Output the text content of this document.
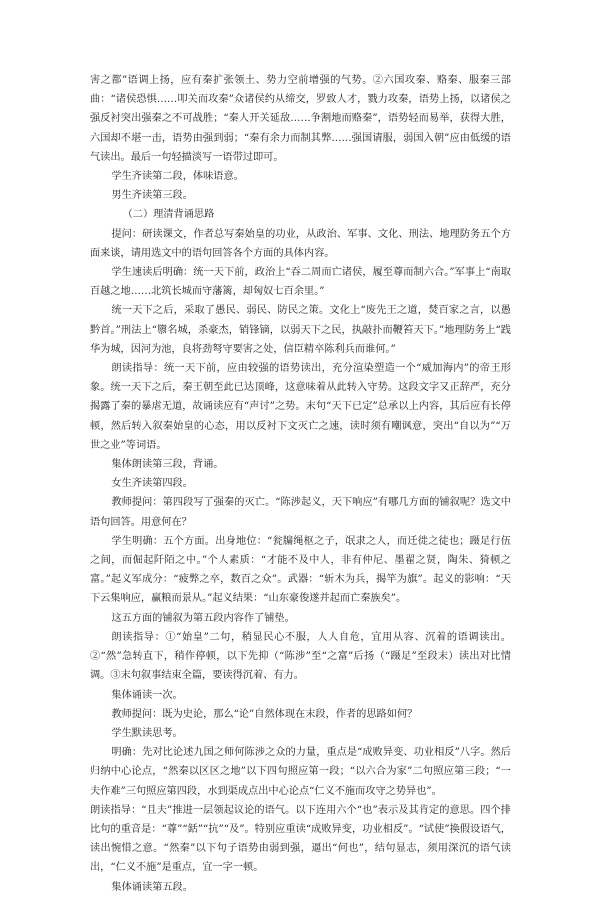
害之都”语调上扬，应有秦扩张领土、势力空前增强的气势。②六国攻秦、赂秦、服秦三部曲：“诸侯恐惧……叩关而攻秦”众诸侯约从缔交，罗致人才，戮力攻秦，语势上扬，以诸侯之强反衬突出强秦之不可战胜；“秦人开关延敌……争割地而赂秦”，语势轻而易举，获得大胜，六国却不堪一击，语势由强到弱；“秦有余力而制其弊……强国请服，弱国入朝”应由低缓的语气读出。最后一句轻描淡写一语带过即可。

学生齐读第二段，体味语意。

男生齐读第三段。

（二）理清背诵思路

提问：研读课文，作者总写秦始皇的功业，从政治、军事、文化、刑法、地理防务五个方面来谈，请用选文中的语句回答各个方面的具体内容。

学生速读后明确：统一天下前，政治上“吞二周而亡诸侯，履至尊而制六合。”军事上“南取百越之地……北筑长城而守藩篱，却匈奴七百余里。”

统一天下之后，采取了愚民、弱民、防民之策。文化上“废先王之道，焚百家之言，以愚黔首。”刑法上“隳名城，杀豪杰，销锋镝，以弱天下之民，执敲扑而鞭笞天下。”地理防务上“践华为城，因河为池，良将劲弩守要害之处，信臣精卒陈利兵而谁何。”

朗读指导：统一天下前，应由较强的语势读出，充分渲染塑造一个“威加海内”的帝王形象。统一天下之后，秦王朝至此已达顶峰，这意味着从此转入守势。这段文字又正辞严，充分揭露了秦的暴虐无道，故诵读应有“声讨”之势。末句“天下已定”总承以上内容，其后应有长停顿，然后转入叙秦始皇的心态，用以反衬下文灭亡之速，读时须有嘲讽意，突出“自以为”“万世之业”等词语。

集体朗读第三段，背诵。

女生齐读第四段。

教师提问：第四段写了强秦的灭亡。“陈涉起义，天下响应”有哪几方面的铺叙呢？选文中语句回答。用意何在？

学生明确：五个方面。出身地位：“瓮牖绳枢之子，氓隶之人，而迁徙之徒也；蹑足行伍之间，而倔起阡陌之中。”个人素质：“才能不及中人，非有仲尼、墨翟之贤，陶朱、猗顿之富。”起义军成分：“疲弊之卒，数百之众”。武器：“斩木为兵，揭竿为旗”。起义的影响：“天下云集响应，赢粮而景从。”起义结果：“山东豪俊遂并起而亡秦族矣”。

这五方面的铺叙为第五段内容作了铺垫。

朗读指导：①“始皇”二句，稍显民心不服，人人自危，宜用从容、沉着的语调读出。②“然”急转直下，稍作停顿，以下先抑（“陈涉”至“之富”后扬（“蹑足”至段末）读出对比情调。③末句叙事结束全篇，要读得沉着、有力。

集体诵读一次。

教师提问：既为史论，那么“论”自然体现在末段，作者的思路如何？

学生默读思考。

明确：先对比论述九国之师何陈涉之众的力量，重点是“成败异变、功业相反”八字。然后归纳中心论点，“然秦以区区之地”以下四句照应第一段；“以六合为家”二句照应第三段；“一夫作难”三句照应第四段，水到渠成点出中心论点“仁义不施而攻守之势异也”。

朗读指导：“且夫”推进一层领起议论的语气。以下连用六个“也”表示及其肯定的意思。四个排比句的重音是：“尊”“銛”“抗”“及”。特别应重读“成败异变，功业相反”。“试使”换假设语气，读出惋惜之意。“然秦”以下句子语势由弱到强，逼出“何也”，结句显志，须用深沉的语气读出，“仁义不施”是重点，宜一字一顿。

集体诵读第五段。
